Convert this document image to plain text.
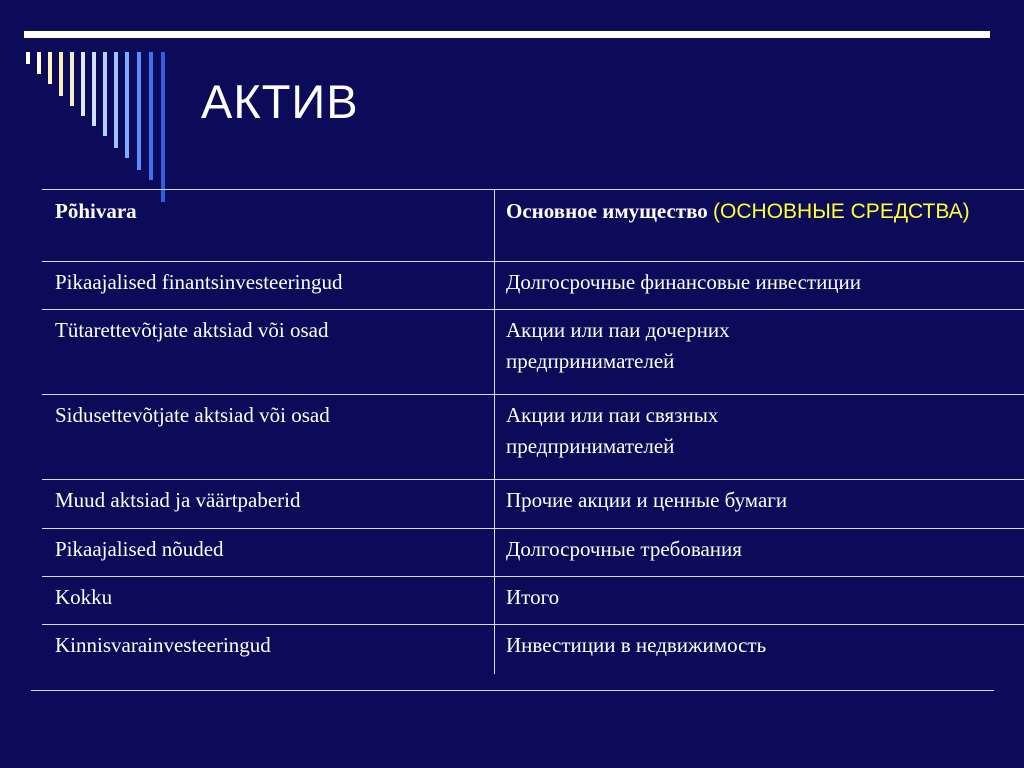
АКТИВ
Põhivara	Основное имущество (ОСНОВНЫЕ СРЕДСТВА)
Pikaajalised finantsinvesteeringud	Долгосрочные финансовые инвестиции
Tütarettevõtjate aktsiad või osad	Акции или паи дочерних предпринимателей
Sidusettevõtjate aktsiad või osad	Акции или паи связных предпринимателей
Muud aktsiad ja väärtpaberid	Прочие акции и ценные бумаги
Pikaajalised nõuded	Долгосрочные требования
Kokku	Итого
Kinnisvarainvesteeringud	Инвестиции в недвижимость
